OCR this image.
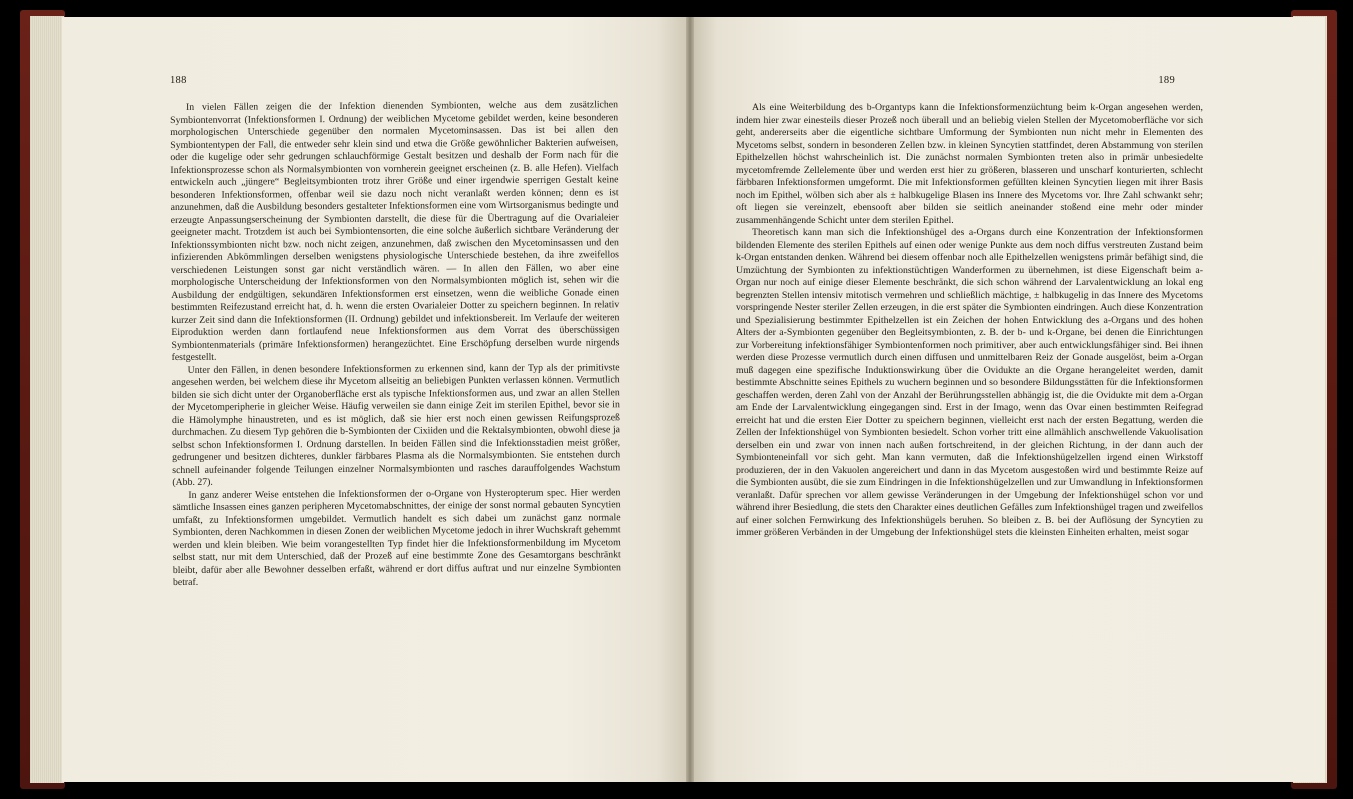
188

In vielen Fällen zeigen die der Infektion dienenden Symbionten, welche aus dem zusätzlichen Symbiontenvorrat (Infektionsformen I. Ordnung) der weiblichen Mycetome gebildet werden, keine besonderen morphologischen Unterschiede gegenüber den normalen Mycetominsassen. Das ist bei allen den Symbiontentypen der Fall, die entweder sehr klein sind und etwa die Größe gewöhnlicher Bakterien aufweisen, oder die kugelige oder sehr gedrungen schlauchförmige Gestalt besitzen und deshalb der Form nach für die Infektionsprozesse schon als Normalsymbionten von vornherein geeignet erscheinen (z. B. alle Hefen). Vielfach entwickeln auch „jüngere“ Begleitsymbionten trotz ihrer Größe und einer irgendwie sperrigen Gestalt keine besonderen Infektionsformen, offenbar weil sie dazu noch nicht veranlaßt werden können; denn es ist anzunehmen, daß die Ausbildung besonders gestalteter Infektionsformen eine vom Wirtsorganismus bedingte und erzeugte Anpassungserscheinung der Symbionten darstellt, die diese für die Übertragung auf die Ovarialeier geeigneter macht. Trotzdem ist auch bei Symbiontensorten, die eine solche äußerlich sichtbare Veränderung der Infektionssymbionten nicht bzw. noch nicht zeigen, anzunehmen, daß zwischen den Mycetominsassen und den infizierenden Abkömmlingen derselben wenigstens physiologische Unterschiede bestehen, da ihre zweifellos verschiedenen Leistungen sonst gar nicht verständlich wären. — In allen den Fällen, wo aber eine morphologische Unterscheidung der Infektionsformen von den Normalsymbionten möglich ist, sehen wir die Ausbildung der endgültigen, sekundären Infektionsformen erst einsetzen, wenn die weibliche Gonade einen bestimmten Reifezustand erreicht hat, d. h. wenn die ersten Ovarialeier Dotter zu speichern beginnen. In relativ kurzer Zeit sind dann die Infektionsformen (II. Ordnung) gebildet und infektionsbereit. Im Verlaufe der weiteren Eiproduktion werden dann fortlaufend neue Infektionsformen aus dem Vorrat des überschüssigen Symbiontenmaterials (primäre Infektionsformen) herangezüchtet. Eine Erschöpfung derselben wurde nirgends festgestellt.

Unter den Fällen, in denen besondere Infektionsformen zu erkennen sind, kann der Typ als der primitivste angesehen werden, bei welchem diese ihr Mycetom allseitig an beliebigen Punkten verlassen können. Vermutlich bilden sie sich dicht unter der Organoberfläche erst als typische Infektionsformen aus, und zwar an allen Stellen der Mycetomperipherie in gleicher Weise. Häufig verweilen sie dann einige Zeit im sterilen Epithel, bevor sie in die Hämolymphe hinaustreten, und es ist möglich, daß sie hier erst noch einen gewissen Reifungsprozeß durchmachen. Zu diesem Typ gehören die b-Symbionten der Cixiiden und die Rektalsymbionten, obwohl diese ja selbst schon Infektionsformen I. Ordnung darstellen. In beiden Fällen sind die Infektionsstadien meist größer, gedrungener und besitzen dichteres, dunkler färbbares Plasma als die Normalsymbionten. Sie entstehen durch schnell aufeinander folgende Teilungen einzelner Normalsymbionten und rasches darauffolgendes Wachstum (Abb. 27).

In ganz anderer Weise entstehen die Infektionsformen der o-Organe von Hysteropterum spec. Hier werden sämtliche Insassen eines ganzen peripheren Mycetomabschnittes, der einige der sonst normal gebauten Syncytien umfaßt, zu Infektionsformen umgebildet. Vermutlich handelt es sich dabei um zunächst ganz normale Symbionten, deren Nachkommen in diesen Zonen der weiblichen Mycetome jedoch in ihrer Wuchskraft gehemmt werden und klein bleiben. Wie beim vorangestellten Typ findet hier die Infektionsformenbildung im Mycetom selbst statt, nur mit dem Unterschied, daß der Prozeß auf eine bestimmte Zone des Gesamtorgans beschränkt bleibt, dafür aber alle Bewohner desselben erfaßt, während er dort diffus auftrat und nur einzelne Symbionten betraf.

189

Als eine Weiterbildung des b-Organtyps kann die Infektionsformenzüchtung beim k-Organ angesehen werden, indem hier zwar einesteils dieser Prozeß noch überall und an beliebig vielen Stellen der Mycetomoberfläche vor sich geht, andererseits aber die eigentliche sichtbare Umformung der Symbionten nun nicht mehr in Elementen des Mycetoms selbst, sondern in besonderen Zellen bzw. in kleinen Syncytien stattfindet, deren Abstammung von sterilen Epithelzellen höchst wahrscheinlich ist. Die zunächst normalen Symbionten treten also in primär unbesiedelte mycetomfremde Zellelemente über und werden erst hier zu größeren, blasseren und unscharf konturierten, schlecht färbbaren Infektionsformen umgeformt. Die mit Infektionsformen gefüllten kleinen Syncytien liegen mit ihrer Basis noch im Epithel, wölben sich aber als ± halbkugelige Blasen ins Innere des Mycetoms vor. Ihre Zahl schwankt sehr; oft liegen sie vereinzelt, ebensooft aber bilden sie seitlich aneinander stoßend eine mehr oder minder zusammenhängende Schicht unter dem sterilen Epithel.

Theoretisch kann man sich die Infektionshügel des a-Organs durch eine Konzentration der Infektionsformen bildenden Elemente des sterilen Epithels auf einen oder wenige Punkte aus dem noch diffus verstreuten Zustand beim k-Organ entstanden denken. Während bei diesem offenbar noch alle Epithelzellen wenigstens primär befähigt sind, die Umzüchtung der Symbionten zu infektionstüchtigen Wanderformen zu übernehmen, ist diese Eigenschaft beim a-Organ nur noch auf einige dieser Elemente beschränkt, die sich schon während der Larvalentwicklung an lokal eng begrenzten Stellen intensiv mitotisch vermehren und schließlich mächtige, ± halbkugelig in das Innere des Mycetoms vorspringende Nester steriler Zellen erzeugen, in die erst später die Symbionten eindringen. Auch diese Konzentration und Spezialisierung bestimmter Epithelzellen ist ein Zeichen der hohen Entwicklung des a-Organs und des hohen Alters der a-Symbionten gegenüber den Begleitsymbionten, z. B. der b- und k-Organe, bei denen die Einrichtungen zur Vorbereitung infektionsfähiger Symbiontenformen noch primitiver, aber auch entwicklungsfähiger sind. Bei ihnen werden diese Prozesse vermutlich durch einen diffusen und unmittelbaren Reiz der Gonade ausgelöst, beim a-Organ muß dagegen eine spezifische Induktionswirkung über die Ovidukte an die Organe herangeleitet werden, damit bestimmte Abschnitte seines Epithels zu wuchern beginnen und so besondere Bildungsstätten für die Infektionsformen geschaffen werden, deren Zahl von der Anzahl der Berührungsstellen abhängig ist, die die Ovidukte mit dem a-Organ am Ende der Larvalentwicklung eingegangen sind. Erst in der Imago, wenn das Ovar einen bestimmten Reifegrad erreicht hat und die ersten Eier Dotter zu speichern beginnen, vielleicht erst nach der ersten Begattung, werden die Zellen der Infektionshügel von Symbionten besiedelt. Schon vorher tritt eine allmählich anschwellende Vakuolisation derselben ein und zwar von innen nach außen fortschreitend, in der gleichen Richtung, in der dann auch der Symbionteneinfall vor sich geht. Man kann vermuten, daß die Infektionshügelzellen irgend einen Wirkstoff produzieren, der in den Vakuolen angereichert und dann in das Mycetom ausgestoßen wird und bestimmte Reize auf die Symbionten ausübt, die sie zum Eindringen in die Infektionshügelzellen und zur Umwandlung in Infektionsformen veranlaßt. Dafür sprechen vor allem gewisse Veränderungen in der Umgebung der Infektionshügel schon vor und während ihrer Besiedlung, die stets den Charakter eines deutlichen Gefälles zum Infektionshügel tragen und zweifellos auf einer solchen Fernwirkung des Infektionshügels beruhen. So bleiben z. B. bei der Auflösung der Syncytien zu immer größeren Verbänden in der Umgebung der Infektionshügel stets die kleinsten Einheiten erhalten, meist sogar
